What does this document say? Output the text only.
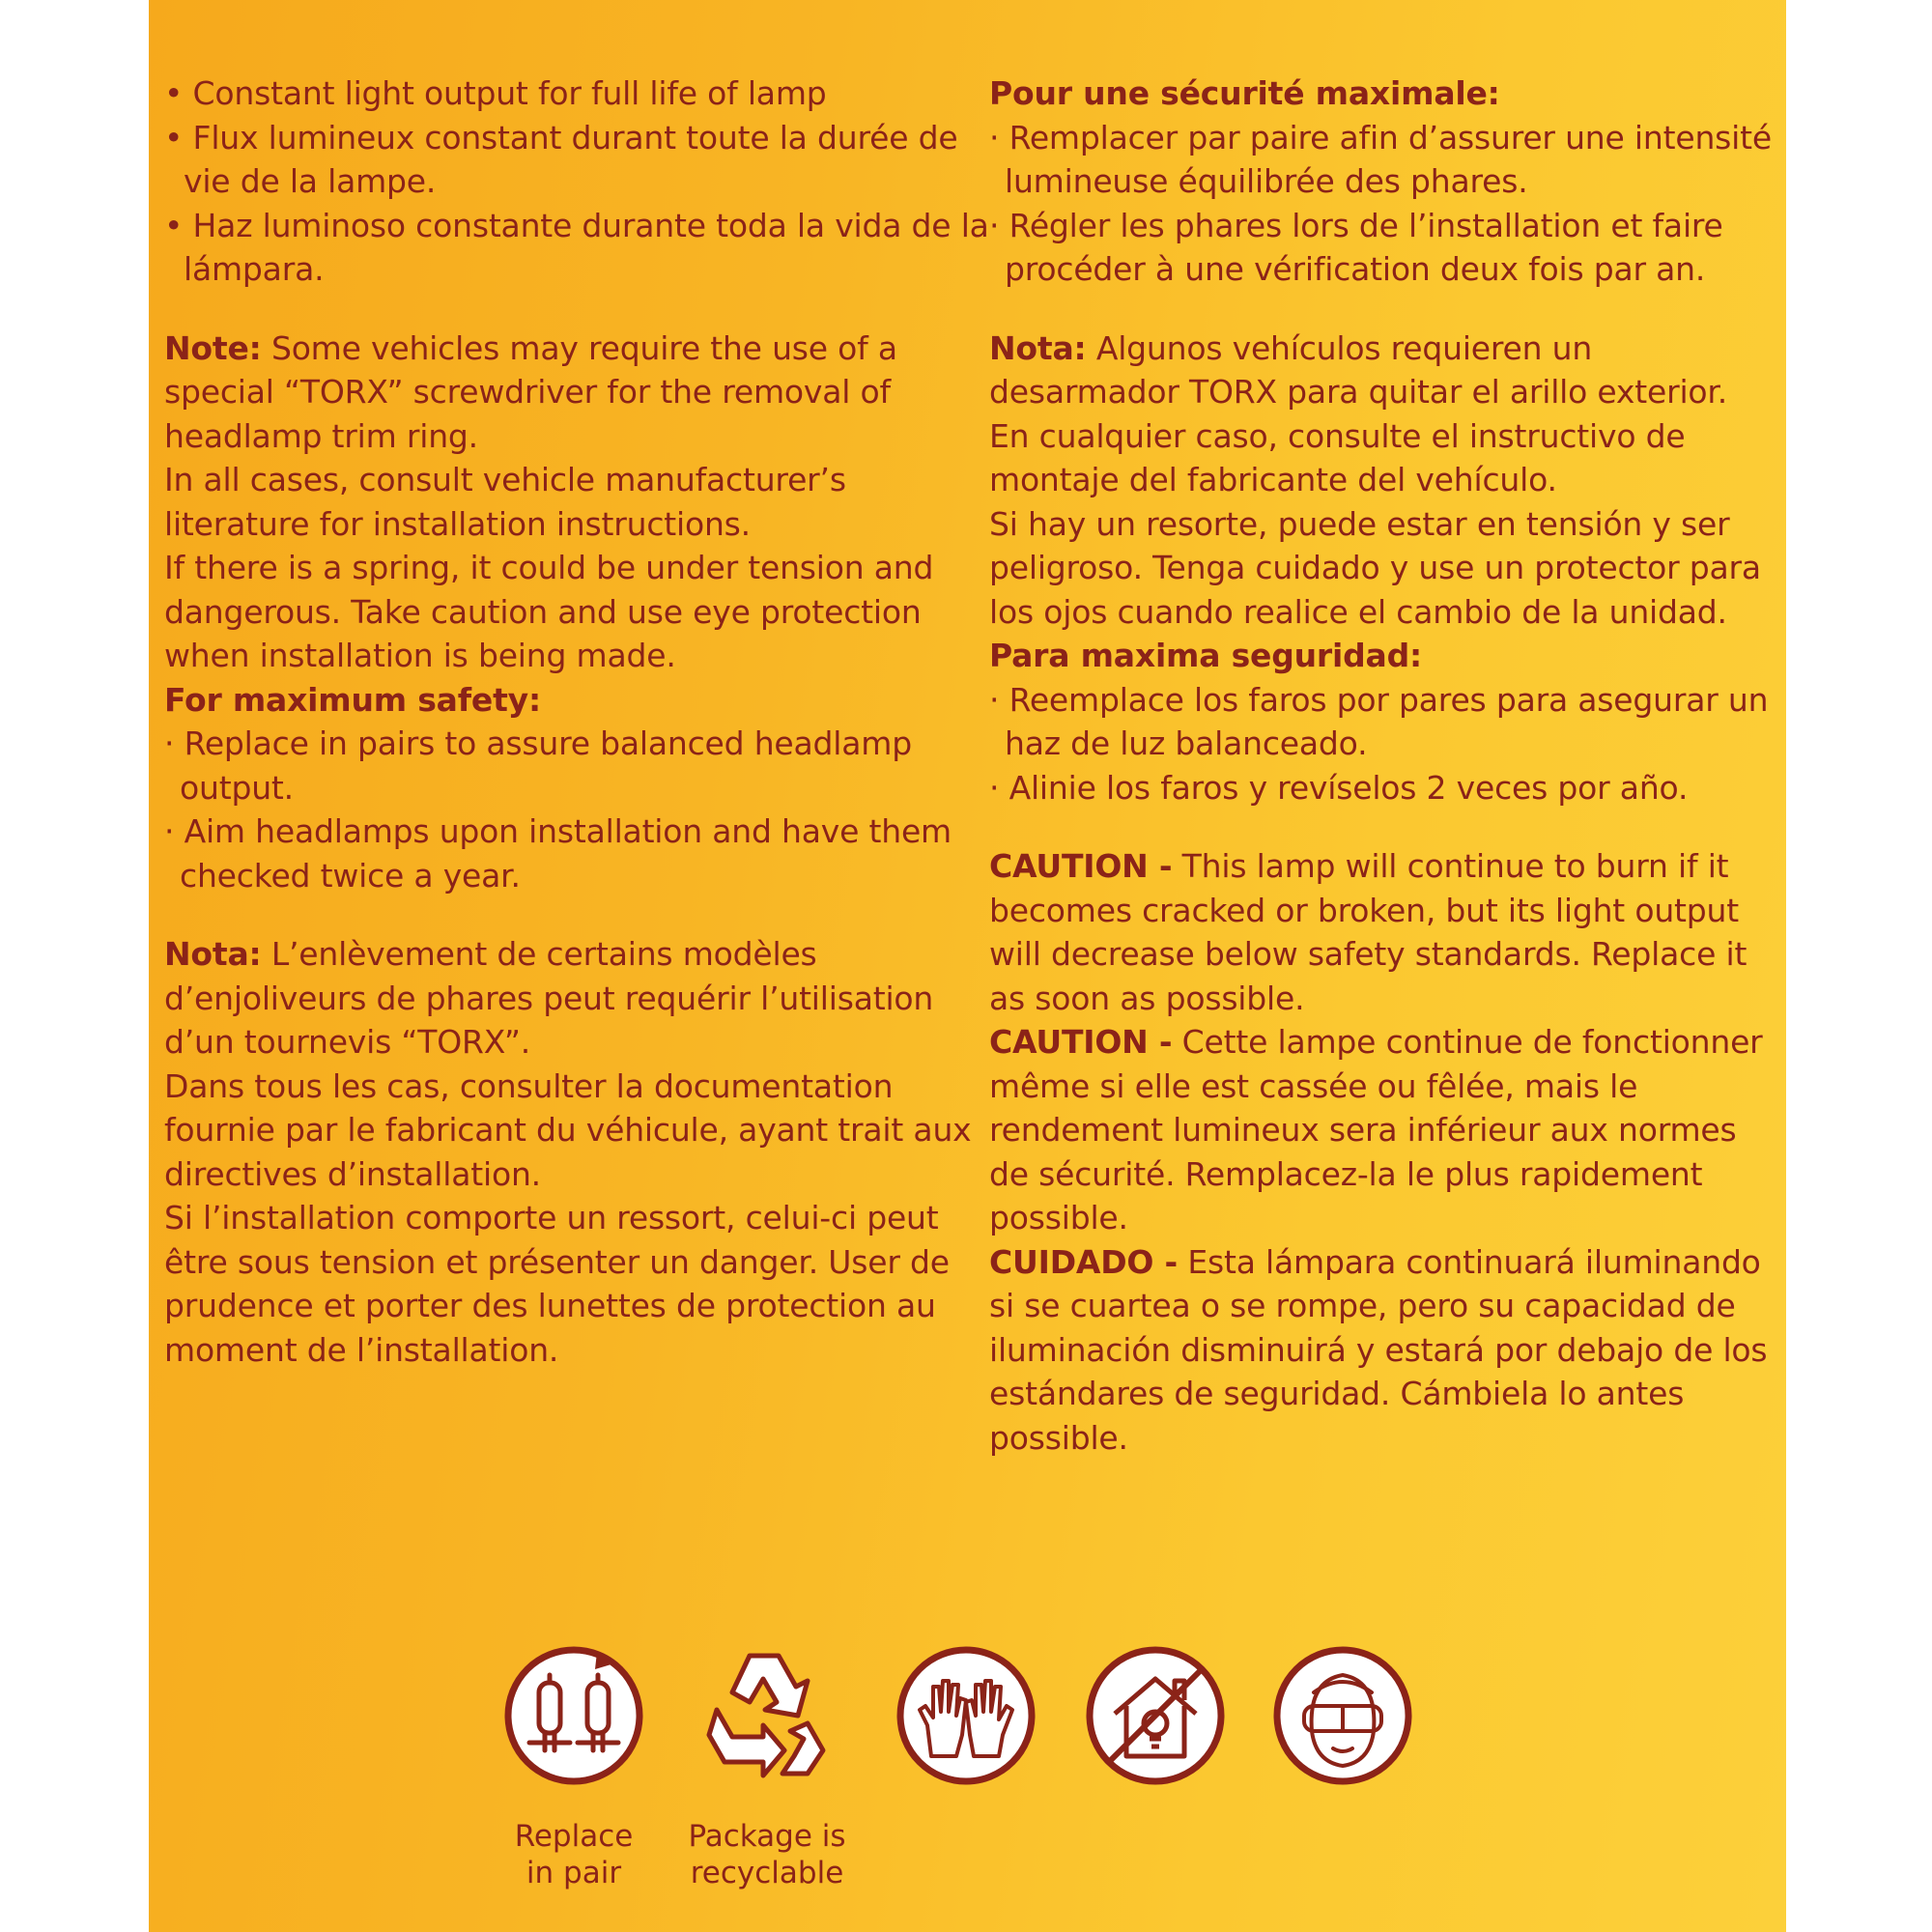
• Constant light output for full life of lamp

• Flux lumineux constant durant toute la durée de vie de la lampe.

• Haz luminoso constante durante toda la vida de la lámpara.

Note: Some vehicles may require the use of a special “TORX” screwdriver for the removal of headlamp trim ring.

In all cases, consult vehicle manufacturer’s literature for installation instructions.

If there is a spring, it could be under tension and dangerous. Take caution and use eye protection when installation is being made.

For maximum safety:

· Replace in pairs to assure balanced headlamp output.

· Aim headlamps upon installation and have them checked twice a year.

Nota: L’enlèvement de certains modèles d’enjoliveurs de phares peut requérir l’utilisation d’un tournevis “TORX”.

Dans tous les cas, consulter la documentation fournie par le fabricant du véhicule, ayant trait aux directives d’installation.

Si l’installation comporte un ressort, celui-ci peut être sous tension et présenter un danger. User de prudence et porter des lunettes de protection au moment de l’installation.

Pour une sécurité maximale:

· Remplacer par paire afin d’assurer une intensité lumineuse équilibrée des phares.

· Régler les phares lors de l’installation et faire procéder à une vérification deux fois par an.

Nota: Algunos vehículos requieren un desarmador TORX para quitar el arillo exterior.

En cualquier caso, consulte el instructivo de montaje del fabricante del vehículo.

Si hay un resorte, puede estar en tensión y ser peligroso. Tenga cuidado y use un protector para los ojos cuando realice el cambio de la unidad.

Para maxima seguridad:

· Reemplace los faros por pares para asegurar un haz de luz balanceado.

· Alinie los faros y revíselos 2 veces por año.

CAUTION - This lamp will continue to burn if it becomes cracked or broken, but its light output will decrease below safety standards. Replace it as soon as possible.

CAUTION - Cette lampe continue de fonctionner même si elle est cassée ou fêlée, mais le rendement lumineux sera inférieur aux normes de sécurité. Remplacez-la le plus rapidement possible.

CUIDADO - Esta lámpara continuará iluminando si se cuartea o se rompe, pero su capacidad de iluminación disminuirá y estará por debajo de los estándares de seguridad. Cámbiela lo antes possible.

Replace
in pair
Package is
recyclable
